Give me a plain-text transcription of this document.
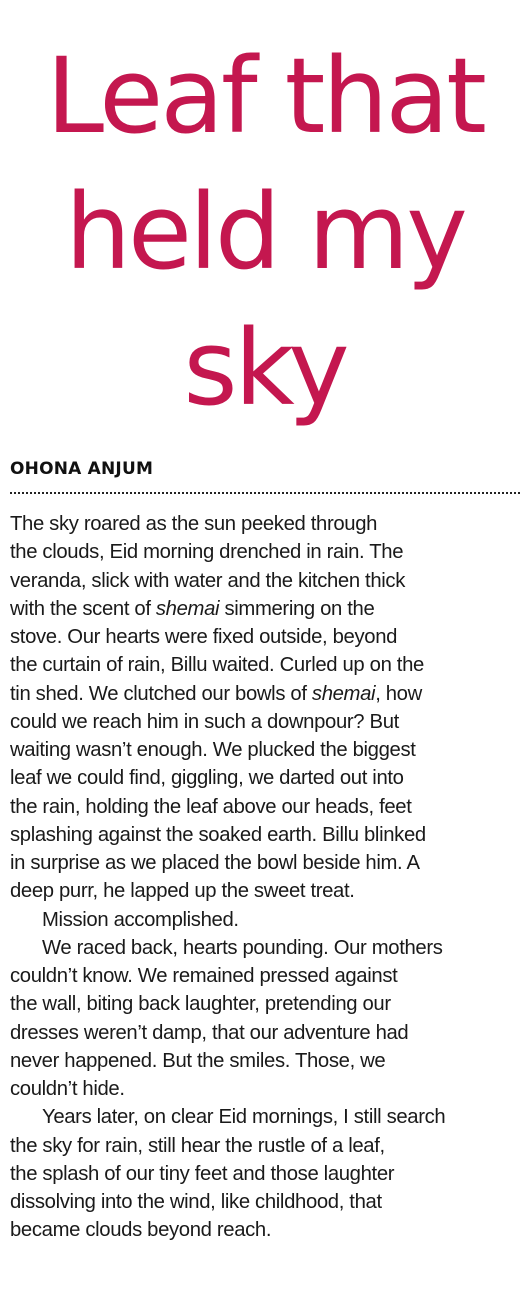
Leaf that
held my
sky

OHONA ANJUM

The sky roared as the sun peeked through
the clouds, Eid morning drenched in rain. The
veranda, slick with water and the kitchen thick
with the scent of shemai simmering on the
stove. Our hearts were fixed outside, beyond
the curtain of rain, Billu waited. Curled up on the
tin shed. We clutched our bowls of shemai, how
could we reach him in such a downpour? But
waiting wasn’t enough. We plucked the biggest
leaf we could find, giggling, we darted out into
the rain, holding the leaf above our heads, feet
splashing against the soaked earth. Billu blinked
in surprise as we placed the bowl beside him. A
deep purr, he lapped up the sweet treat.
Mission accomplished.
We raced back, hearts pounding. Our mothers
couldn’t know. We remained pressed against
the wall, biting back laughter, pretending our
dresses weren’t damp, that our adventure had
never happened. But the smiles. Those, we
couldn’t hide.
Years later, on clear Eid mornings, I still search
the sky for rain, still hear the rustle of a leaf,
the splash of our tiny feet and those laughter
dissolving into the wind, like childhood, that
became clouds beyond reach.
